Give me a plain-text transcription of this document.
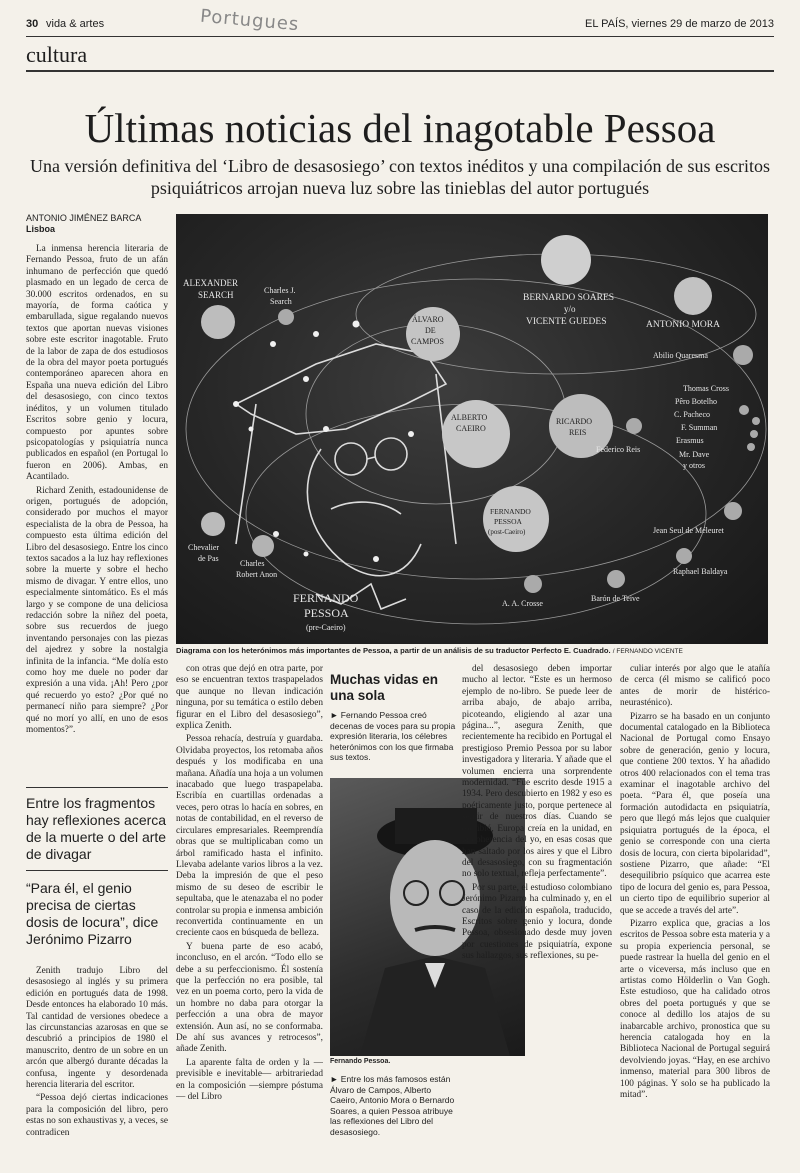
30 vida & artes	EL PAÍS, viernes 29 de marzo de 2013
Portugues
cultura
Últimas noticias del inagotable Pessoa
Una versión definitiva del ‘Libro de desasosiego’ con textos inéditos y una compilación de sus escritos psiquiátricos arrojan nueva luz sobre las tinieblas del autor portugués
ANTONIO JIMÉNEZ BARCA
Lisboa

La inmensa herencia literaria de Fernando Pessoa, fruto de un afán inhumano de perfección que quedó plasmado en un legado de cerca de 30.000 escritos ordenados, en su mayoría, de forma caótica y embarullada, sigue regalando nuevos textos que aportan nuevas visiones sobre este escritor inagotable. Fruto de la labor de zapa de dos estudiosos de la obra del mayor poeta portugués contemporáneo aparecen ahora en España una nueva edición del Libro del desasosiego, con cinco textos inéditos, y un volumen titulado Escritos sobre genio y locura, compuesto por apuntes sobre psicopatologías y psiquiatría nunca publicados en español (en Portugal lo fueron en 2006). Ambas, en Acantilado.

Richard Zenith, estadounidense de origen, portugués de adopción, considerado por muchos el mayor especialista de la obra de Pessoa, ha compuesto esta última edición del Libro del desasosiego. Entre los cinco textos sacados a la luz hay reflexiones sobre la muerte y sobre el hecho mismo de divagar. Y entre ellos, uno especialmente sintomático. Es el más largo y se compone de una deliciosa redacción sobre la niñez del poeta, sobre sus recuerdos de juego inventando personajes con las piezas del ajedrez y sobre la nostalgia infinita de la infancia. “Me dolía esto como hoy me duele no poder dar expresión a una vida. ¡Ah! Pero ¿por qué recuerdo yo esto? ¿Por qué no permanecí niño para siempre? ¿Por qué no morí yo allí, en uno de esos momentos?”.

Entre los fragmentos hay reflexiones acerca de la muerte o del arte de divagar
“Para él, el genio precisa de ciertas dosis de locura”, dice Jerónimo Pizarro

Zenith tradujo Libro del desasosiego al inglés y su primera edición en portugués data de 1998. Desde entonces ha elaborado 10 más. Tal cantidad de versiones obedece a las circunstancias azarosas en que se descubrió a principios de 1980 el manuscrito, dentro de un sobre en un arcón que albergó durante décadas la confusa, ingente y desordenada herencia literaria del escritor.

“Pessoa dejó ciertas indicaciones para la composición del libro, pero estas no son exhaustivas y, a veces, se contradicen

ALEXANDER
SEARCH	Charles J.
Search
ÁLVARO
DE
CAMPOS
BERNARDO SOARES
y/o
VICENTE GUEDES	ANTONIO MORA
Abilio Quaresma
Thomas Cross
Pêro Botelho
C. Pacheco
F. Summan
Erasmus
Mr. Dave
y otros
ALBERTO
CAEIRO
RICARDO
REIS
Federico Reis
FERNANDO
PESSOA
(post-Caeiro)
Chevalier
de Pas
Charles
Robert Anon
FERNANDO
PESSOA
(pre-Caeiro)
A. A. Crosse
Barón de Teive
Raphael Baldaya
Jean Seul de Méleuret
Diagrama con los heterónimos más importantes de Pessoa, a partir de un análisis de su traductor Perfecto E. Cuadrado. / FERNANDO VICENTE

con otras que dejó en otra parte, por eso se encuentran textos traspapelados que aunque no llevan indicación ninguna, por su temática o estilo deben figurar en el Libro del desasosiego”, explica Zenith.

Pessoa rehacía, destruía y guardaba. Olvidaba proyectos, los retomaba años después y los modificaba en una mañana. Añadía una hoja a un volumen inacabado que luego traspapelaba. Escribía en cuartillas ordenadas a veces, pero otras lo hacía en sobres, en notas de contabilidad, en el reverso de circulares empresariales. Reemprendía obras que se multiplicaban como un árbol ramificado hasta el infinito. Llevaba adelante varios libros a la vez. Deba la impresión de que el peso mismo de su deseo de escribir le sepultaba, que le atenazaba el no poder controlar su propia e inmensa ambición reconvertida continuamente en un creciente caos en búsqueda de belleza.

Y buena parte de eso acabó, inconcluso, en el arcón. “Todo ello se debe a su perfeccionismo. Él sostenía que la perfección no era posible, tal vez en un poema corto, pero la vida de un hombre no daba para otorgar la perfección a una obra de mayor extensión. Aun así, no se conformaba. De ahí sus avances y retrocesos”, añade Zenith.

La aparente falta de orden y la —previsible e inevitable— arbitrariedad en la composición —siempre póstuma— del Libro

Muchas vidas en una sola
► Fernando Pessoa creó decenas de voces para su propia expresión literaria, los célebres heterónimos con los que firmaba sus textos.
Fernando Pessoa.
► Entre los más famosos están Álvaro de Campos, Alberto Caeiro, Antonio Mora o Bernardo Soares, a quien Pessoa atribuye las reflexiones del Libro del desasosiego.

del desasosiego deben importar mucho al lector. “Este es un hermoso ejemplo de no-libro. Se puede leer de arriba abajo, de abajo arriba, picoteando, eligiendo al azar una página...”, asegura Zenith, que recientemente ha recibido en Portugal el prestigioso Premio Pessoa por su labor investigadora y literaria. Y añade que el volumen encierra una sorprendente modernidad. “Fue escrito desde 1915 a 1934. Pero descubierto en 1982 y eso es poéticamente justo, porque pertenece al sentir de nuestros días. Cuando se escribió, Europa creía en la unidad, en la coherencia del yo, en esas cosas que han saltado por los aires y que el Libro del desasosiego, con su fragmentación no solo textual, refleja perfectamente”.

Por su parte, el estudioso colombiano Jerónimo Pizarro ha culminado y, en el caso de la edición española, traducido, Escritos sobre genio y locura, donde Pessoa, obsesionado desde muy joven por cuestiones de psiquiatría, expone sus hallazgos, sus reflexiones, su pe-

culiar interés por algo que le atañía de cerca (él mismo se calificó poco antes de morir de histérico-neurasténico).

Pizarro se ha basado en un conjunto documental catalogado en la Biblioteca Nacional de Portugal como Ensayo sobre de generación, genio y locura, que contiene 200 textos. Y ha añadido otros 400 relacionados con el tema tras examinar el inagotable archivo del poeta. “Para él, que poseía una formación autodidacta en psiquiatría, pero que llegó más lejos que cualquier psiquiatra portugués de la época, el genio se corresponde con una cierta dosis de locura, con cierta bipolaridad”, sostiene Pizarro, que añade: “El desequilibrio psíquico que acarrea este tipo de locura del genio es, para Pessoa, un cierto tipo de equilibrio superior al que se accede a través del arte”.

Pizarro explica que, gracias a los escritos de Pessoa sobre esta materia y a su propia experiencia personal, se puede rastrear la huella del genio en el arte o viceversa, más incluso que en artistas como Hölderlin o Van Gogh. Este estudioso, que ha calidado otros obres del poeta portugués y que se conoce al dedillo los atajos de su inabarcable archivo, pronostica que su herencia catalogada hoy en la Biblioteca Nacional de Portugal seguirá devolviendo joyas. “Hay, en ese archivo inmenso, material para 300 libros de 100 páginas. Y solo se ha publicado la mitad”.
